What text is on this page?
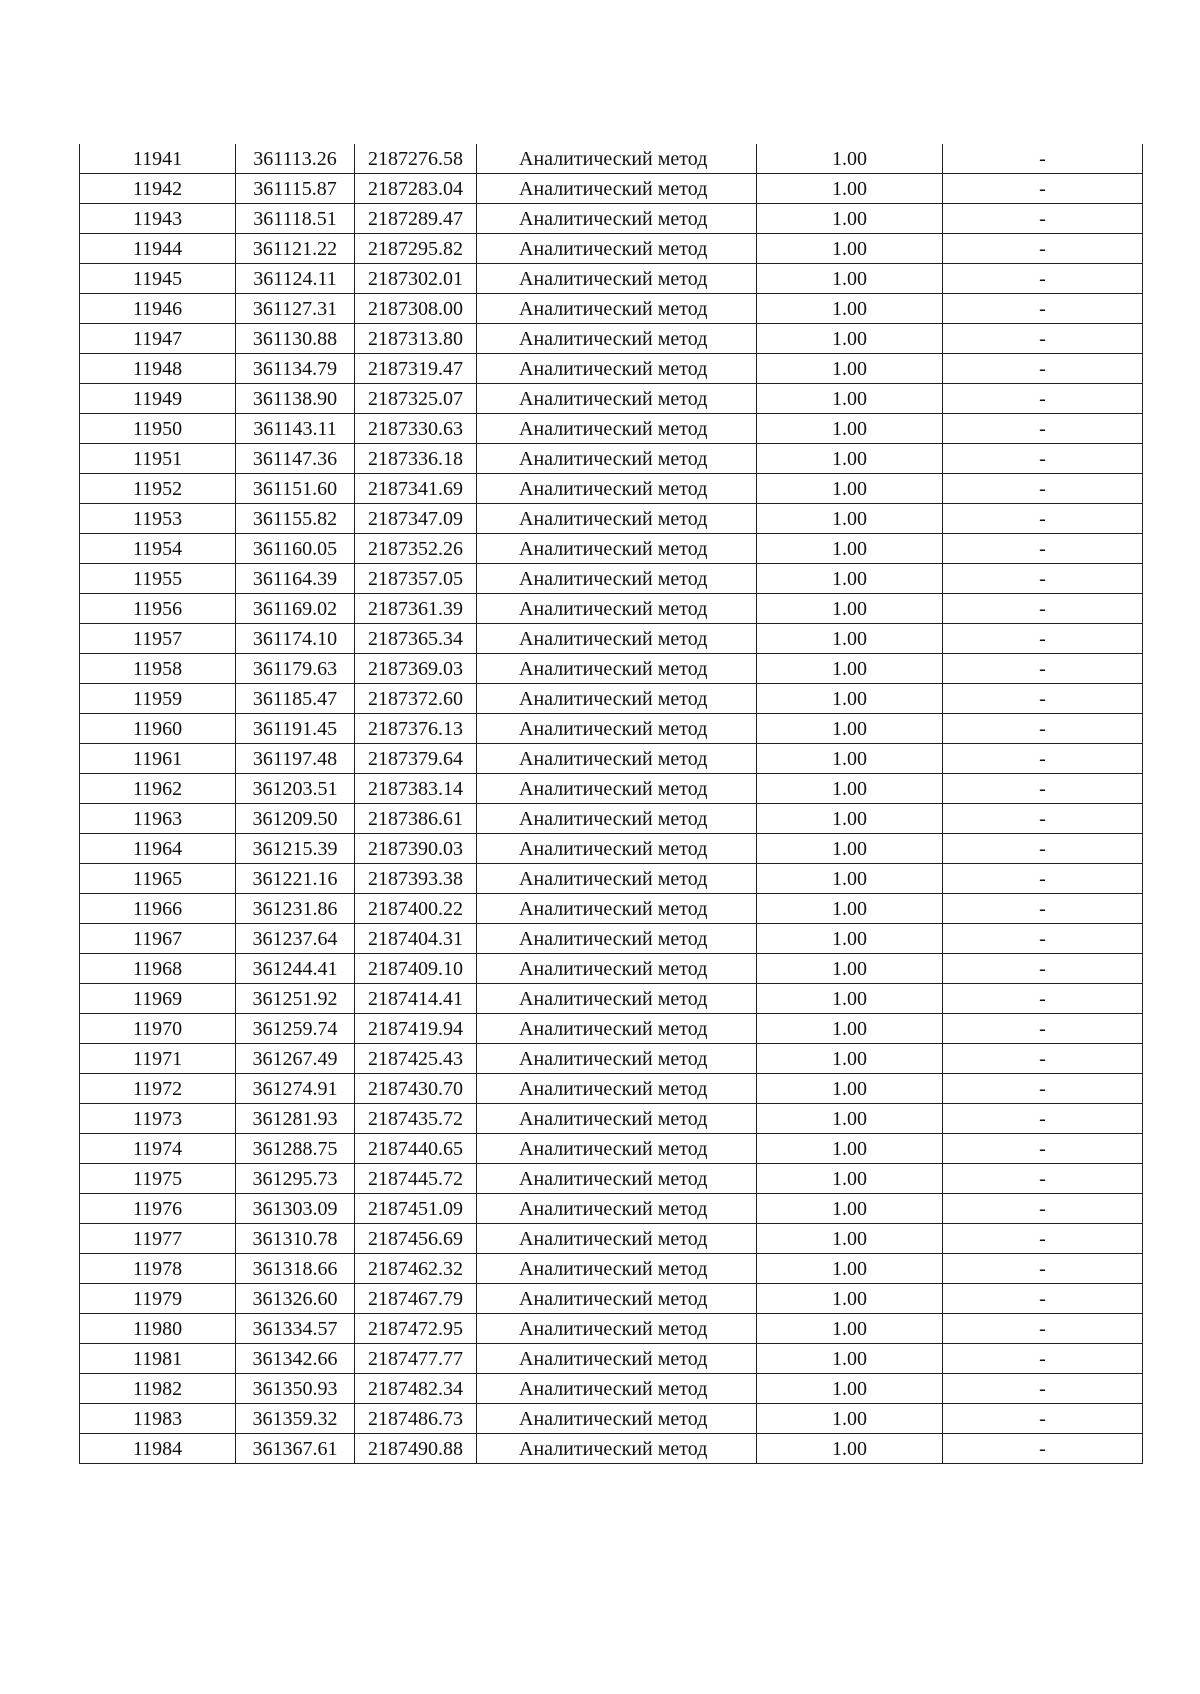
11941	361113.26	2187276.58	Аналитический метод	1.00	-
11942	361115.87	2187283.04	Аналитический метод	1.00	-
11943	361118.51	2187289.47	Аналитический метод	1.00	-
11944	361121.22	2187295.82	Аналитический метод	1.00	-
11945	361124.11	2187302.01	Аналитический метод	1.00	-
11946	361127.31	2187308.00	Аналитический метод	1.00	-
11947	361130.88	2187313.80	Аналитический метод	1.00	-
11948	361134.79	2187319.47	Аналитический метод	1.00	-
11949	361138.90	2187325.07	Аналитический метод	1.00	-
11950	361143.11	2187330.63	Аналитический метод	1.00	-
11951	361147.36	2187336.18	Аналитический метод	1.00	-
11952	361151.60	2187341.69	Аналитический метод	1.00	-
11953	361155.82	2187347.09	Аналитический метод	1.00	-
11954	361160.05	2187352.26	Аналитический метод	1.00	-
11955	361164.39	2187357.05	Аналитический метод	1.00	-
11956	361169.02	2187361.39	Аналитический метод	1.00	-
11957	361174.10	2187365.34	Аналитический метод	1.00	-
11958	361179.63	2187369.03	Аналитический метод	1.00	-
11959	361185.47	2187372.60	Аналитический метод	1.00	-
11960	361191.45	2187376.13	Аналитический метод	1.00	-
11961	361197.48	2187379.64	Аналитический метод	1.00	-
11962	361203.51	2187383.14	Аналитический метод	1.00	-
11963	361209.50	2187386.61	Аналитический метод	1.00	-
11964	361215.39	2187390.03	Аналитический метод	1.00	-
11965	361221.16	2187393.38	Аналитический метод	1.00	-
11966	361231.86	2187400.22	Аналитический метод	1.00	-
11967	361237.64	2187404.31	Аналитический метод	1.00	-
11968	361244.41	2187409.10	Аналитический метод	1.00	-
11969	361251.92	2187414.41	Аналитический метод	1.00	-
11970	361259.74	2187419.94	Аналитический метод	1.00	-
11971	361267.49	2187425.43	Аналитический метод	1.00	-
11972	361274.91	2187430.70	Аналитический метод	1.00	-
11973	361281.93	2187435.72	Аналитический метод	1.00	-
11974	361288.75	2187440.65	Аналитический метод	1.00	-
11975	361295.73	2187445.72	Аналитический метод	1.00	-
11976	361303.09	2187451.09	Аналитический метод	1.00	-
11977	361310.78	2187456.69	Аналитический метод	1.00	-
11978	361318.66	2187462.32	Аналитический метод	1.00	-
11979	361326.60	2187467.79	Аналитический метод	1.00	-
11980	361334.57	2187472.95	Аналитический метод	1.00	-
11981	361342.66	2187477.77	Аналитический метод	1.00	-
11982	361350.93	2187482.34	Аналитический метод	1.00	-
11983	361359.32	2187486.73	Аналитический метод	1.00	-
11984	361367.61	2187490.88	Аналитический метод	1.00	-
